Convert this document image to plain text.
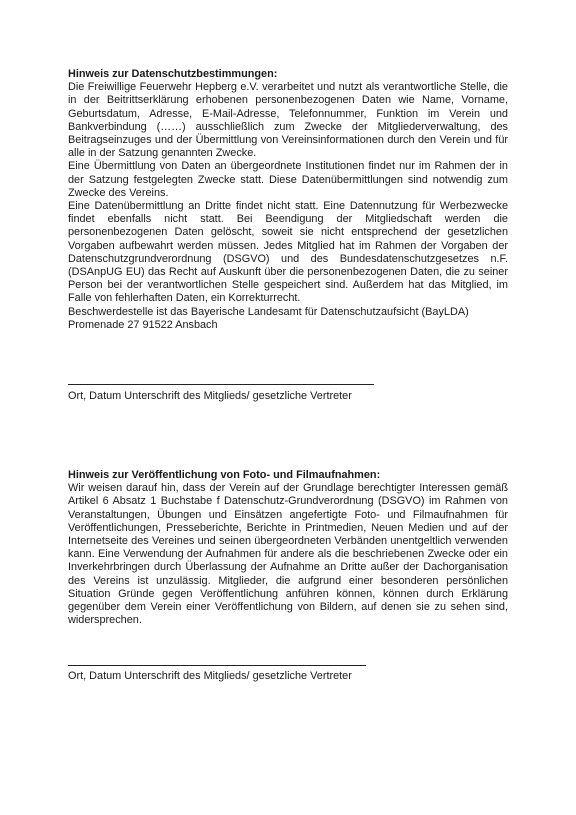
Hinweis zur Datenschutzbestimmungen:

Die Freiwillige Feuerwehr Hepberg e.V. verarbeitet und nutzt als verantwortliche Stelle, die in der Beitrittserklärung erhobenen personenbezogenen Daten wie Name, Vorname, Geburtsdatum, Adresse, E-Mail-Adresse, Telefonnummer, Funktion im Verein und Bankverbindung (……) ausschließlich zum Zwecke der Mitgliederverwaltung, des Beitragseinzuges und der Übermittlung von Vereinsinformationen durch den Verein und für alle in der Satzung genannten Zwecke.

Eine Übermittlung von Daten an übergeordnete Institutionen findet nur im Rahmen der in der Satzung festgelegten Zwecke statt. Diese Datenübermittlungen sind notwendig zum Zwecke des Vereins.

Eine Datenübermittlung an Dritte findet nicht statt. Eine Datennutzung für Werbezwecke findet ebenfalls nicht statt. Bei Beendigung der Mitgliedschaft werden die personenbezogenen Daten gelöscht, soweit sie nicht entsprechend der gesetzlichen Vorgaben aufbewahrt werden müssen. Jedes Mitglied hat im Rahmen der Vorgaben der Datenschutzgrundverordnung (DSGVO) und des Bundesdatenschutzgesetzes n.F. (DSAnpUG EU) das Recht auf Auskunft über die personenbezogenen Daten, die zu seiner Person bei der verantwortlichen Stelle gespeichert sind. Außerdem hat das Mitglied, im Falle von fehlerhaften Daten, ein Korrekturrecht.

Beschwerdestelle ist das Bayerische Landesamt für Datenschutzaufsicht (BayLDA)
Promenade 27 91522 Ansbach

Ort, Datum Unterschrift des Mitglieds/ gesetzliche Vertreter

Hinweis zur Veröffentlichung von Foto- und Filmaufnahmen:

Wir weisen darauf hin, dass der Verein auf der Grundlage berechtigter Interessen gemäß Artikel 6 Absatz 1 Buchstabe f Datenschutz-Grundverordnung (DSGVO) im Rahmen von Veranstaltungen, Übungen und Einsätzen angefertigte Foto- und Filmaufnahmen für Veröffentlichungen, Presseberichte, Berichte in Printmedien, Neuen Medien und auf der Internetseite des Vereines und seinen übergeordneten Verbänden unentgeltlich verwenden kann. Eine Verwendung der Aufnahmen für andere als die beschriebenen Zwecke oder ein Inverkehrbringen durch Überlassung der Aufnahme an Dritte außer der Dachorganisation des Vereins ist unzulässig. Mitglieder, die aufgrund einer besonderen persönlichen Situation Gründe gegen Veröffentlichung anführen können, können durch Erklärung gegenüber dem Verein einer Veröffentlichung von Bildern, auf denen sie zu sehen sind, widersprechen.

Ort, Datum Unterschrift des Mitglieds/ gesetzliche Vertreter
